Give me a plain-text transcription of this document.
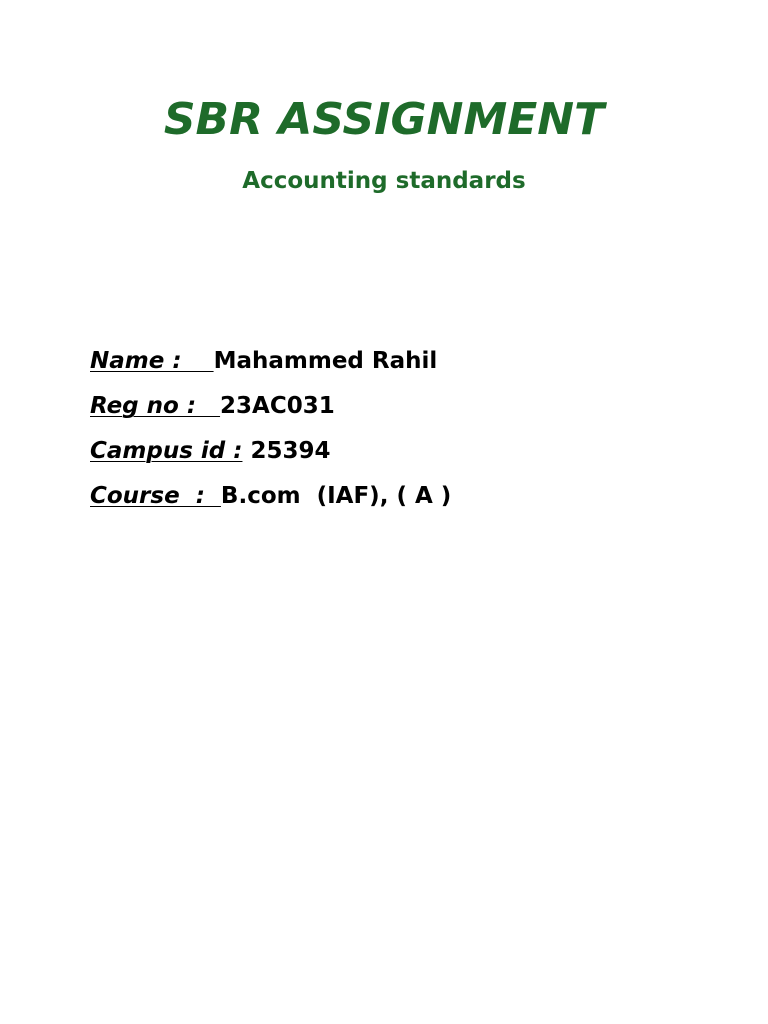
SBR ASSIGNMENT
Accounting standards
Name :    Mahammed Rahil
Reg no :   23AC031
Campus id : 25394
Course  :  B.com  (IAF), ( A )
